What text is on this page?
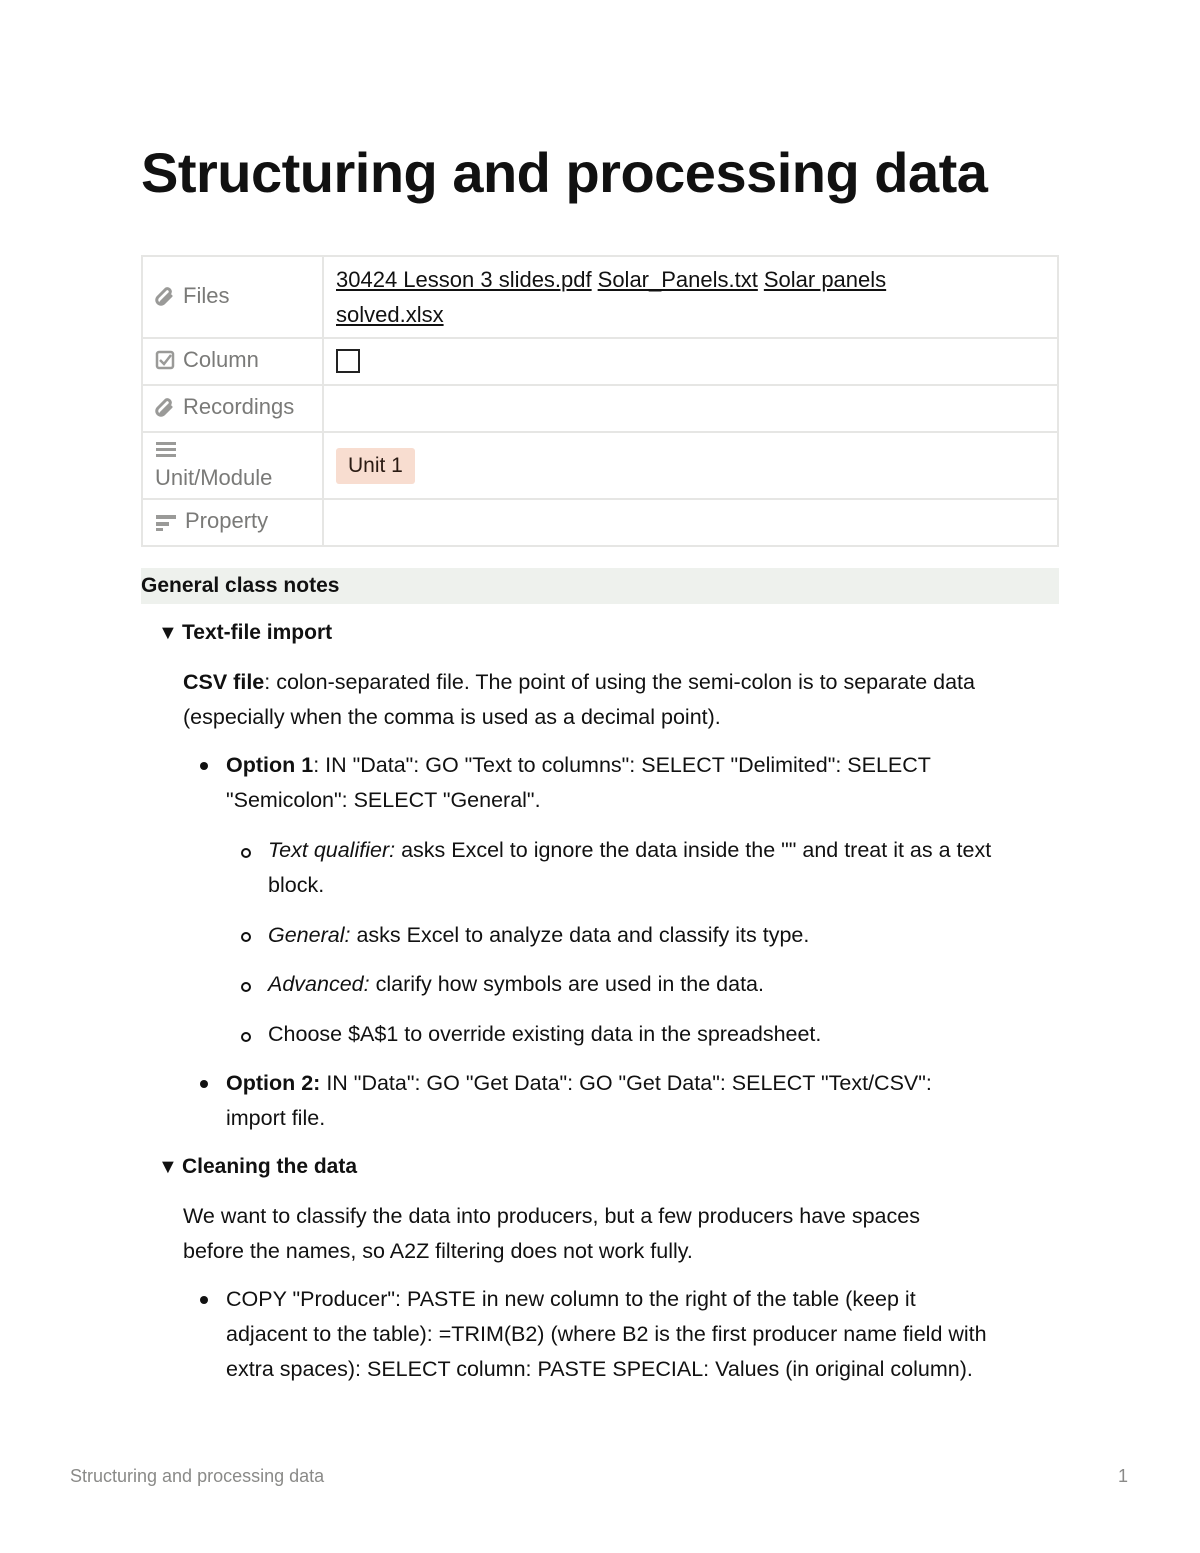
Structuring and processing data
Files	30424 Lesson 3 slides.pdf Solar_Panels.txt Solar panels
solved.xlsx
Column	
Recordings	

Unit/Module	Unit 1
Property	
General class notes
▼ Text-file import

CSV file: colon-separated file. The point of using the semi-colon is to separate data
(especially when the comma is used as a decimal point).

Option 1: IN "Data": GO "Text to columns": SELECT "Delimited": SELECT
"Semicolon": SELECT "General".

Text qualifier: asks Excel to ignore the data inside the "" and treat it as a text
block.

General: asks Excel to analyze data and classify its type.

Advanced: clarify how symbols are used in the data.

Choose $A$1 to override existing data in the spreadsheet.

Option 2: IN "Data": GO "Get Data": GO "Get Data": SELECT "Text/CSV":
import file.

▼ Cleaning the data

We want to classify the data into producers, but a few producers have spaces
before the names, so A2Z filtering does not work fully.

COPY "Producer": PASTE in new column to the right of the table (keep it
adjacent to the table): =TRIM(B2) (where B2 is the first producer name field with
extra spaces): SELECT column: PASTE SPECIAL: Values (in original column).

Structuring and processing data	1
